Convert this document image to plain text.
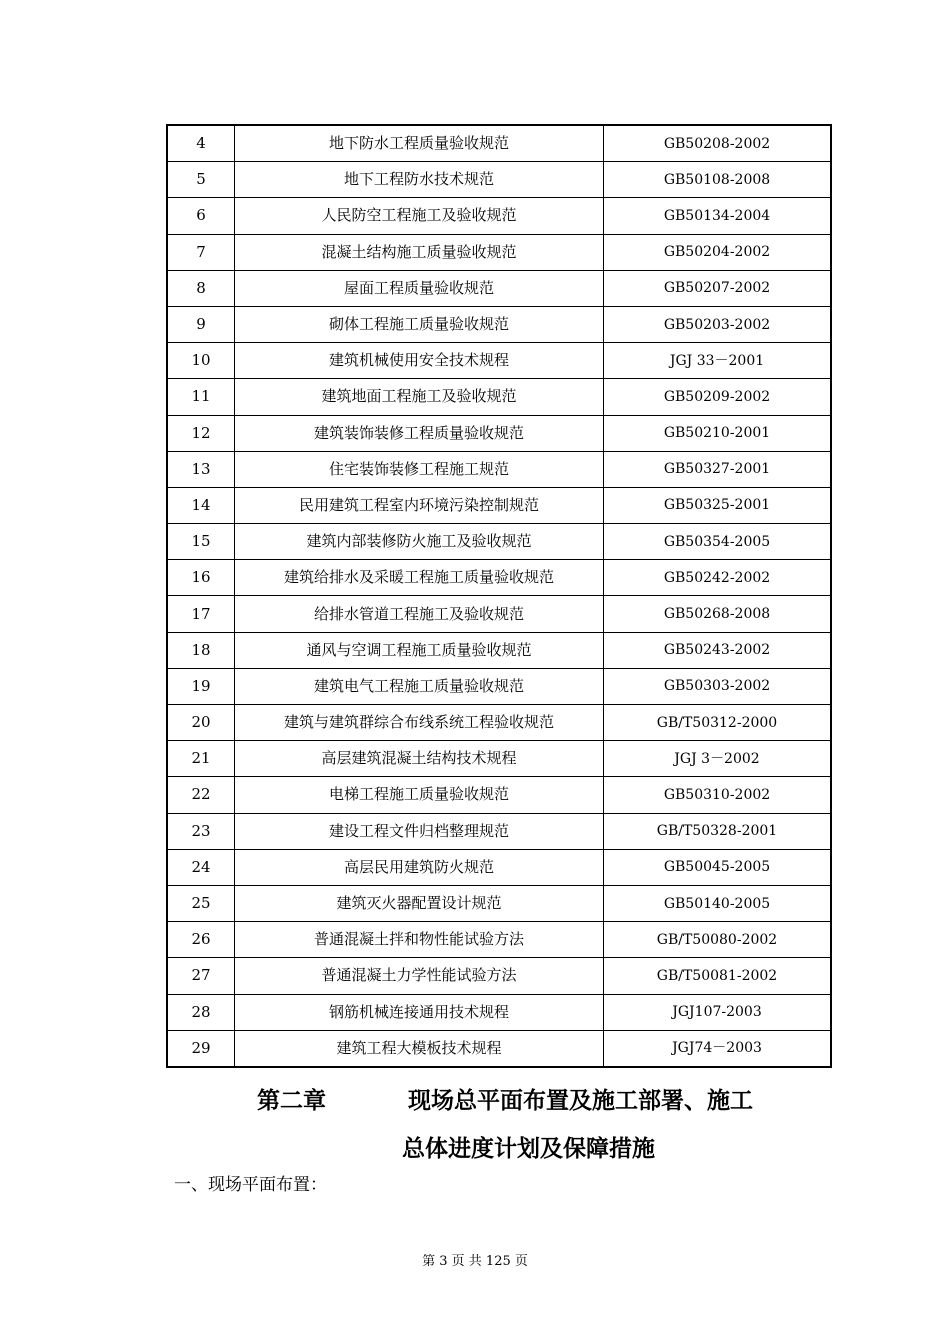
4	地下防水工程质量验收规范	GB50208-2002
5	地下工程防水技术规范	GB50108-2008
6	人民防空工程施工及验收规范	GB50134-2004
7	混凝土结构施工质量验收规范	GB50204-2002
8	屋面工程质量验收规范	GB50207-2002
9	砌体工程施工质量验收规范	GB50203-2002
10	建筑机械使用安全技术规程	JGJ 33－2001
11	建筑地面工程施工及验收规范	GB50209-2002
12	建筑装饰装修工程质量验收规范	GB50210-2001
13	住宅装饰装修工程施工规范	GB50327-2001
14	民用建筑工程室内环境污染控制规范	GB50325-2001
15	建筑内部装修防火施工及验收规范	GB50354-2005
16	建筑给排水及采暖工程施工质量验收规范	GB50242-2002
17	给排水管道工程施工及验收规范	GB50268-2008
18	通风与空调工程施工质量验收规范	GB50243-2002
19	建筑电气工程施工质量验收规范	GB50303-2002
20	建筑与建筑群综合布线系统工程验收规范	GB/T50312-2000
21	高层建筑混凝土结构技术规程	JGJ 3－2002
22	电梯工程施工质量验收规范	GB50310-2002
23	建设工程文件归档整理规范	GB/T50328-2001
24	高层民用建筑防火规范	GB50045-2005
25	建筑灭火器配置设计规范	GB50140-2005
26	普通混凝土拌和物性能试验方法	GB/T50080-2002
27	普通混凝土力学性能试验方法	GB/T50081-2002
28	钢筋机械连接通用技术规程	JGJ107-2003
29	建筑工程大模板技术规程	JGJ74－2003
第二章	现场总平面布置及施工部署、施工
总体进度计划及保障措施
一、现场平面布置：
第 3 页 共 125 页
